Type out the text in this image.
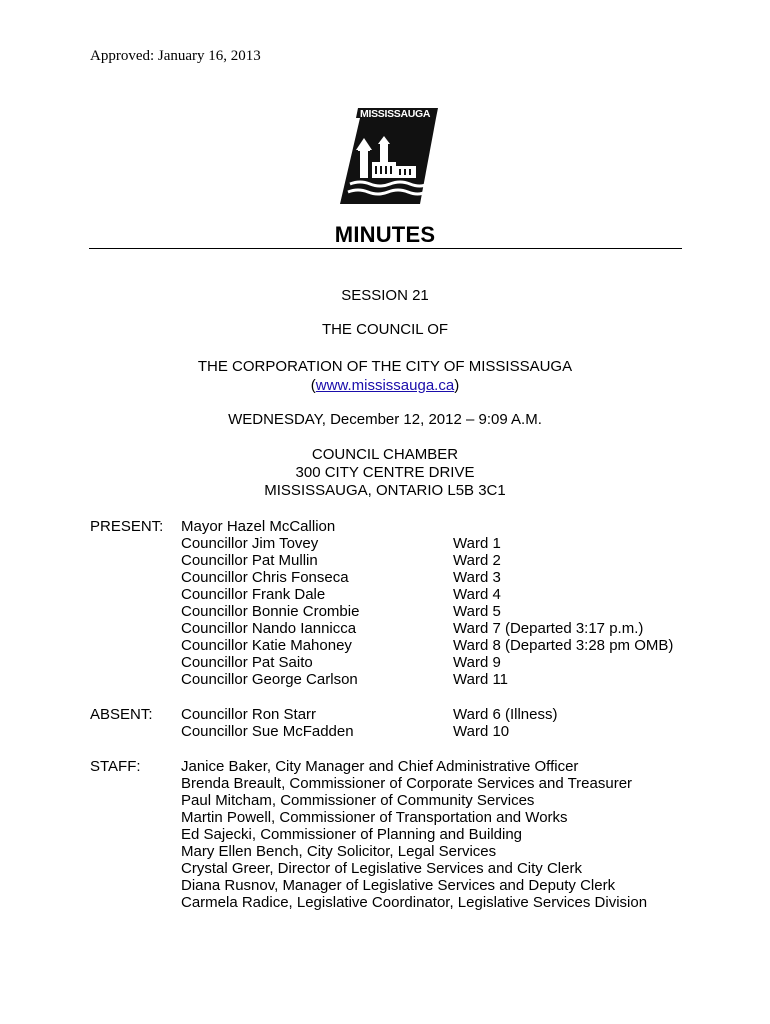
Approved: January 16, 2013
MISSISSAUGA
MINUTES
SESSION 21
THE COUNCIL OF
THE CORPORATION OF THE CITY OF MISSISSAUGA
(www.mississauga.ca)
WEDNESDAY, December 12, 2012 – 9:09 A.M.
COUNCIL CHAMBER
300 CITY CENTRE DRIVE
MISSISSAUGA, ONTARIO L5B 3C1
PRESENT: Mayor Hazel McCallion
Councillor Jim Tovey	Ward 1
Councillor Pat Mullin	Ward 2
Councillor Chris Fonseca	Ward 3
Councillor Frank Dale	Ward 4
Councillor Bonnie Crombie	Ward 5
Councillor Nando Iannicca	Ward 7 (Departed 3:17 p.m.)
Councillor Katie Mahoney	Ward 8 (Departed 3:28 pm OMB)
Councillor Pat Saito	Ward 9
Councillor George Carlson	Ward 11
ABSENT: Councillor Ron Starr	Ward 6 (Illness)
Councillor Sue McFadden	Ward 10
STAFF:	Janice Baker, City Manager and Chief Administrative Officer
Brenda Breault, Commissioner of Corporate Services and Treasurer
Paul Mitcham, Commissioner of Community Services
Martin Powell, Commissioner of Transportation and Works
Ed Sajecki, Commissioner of Planning and Building
Mary Ellen Bench, City Solicitor, Legal Services
Crystal Greer, Director of Legislative Services and City Clerk
Diana Rusnov, Manager of Legislative Services and Deputy Clerk
Carmela Radice, Legislative Coordinator, Legislative Services Division
